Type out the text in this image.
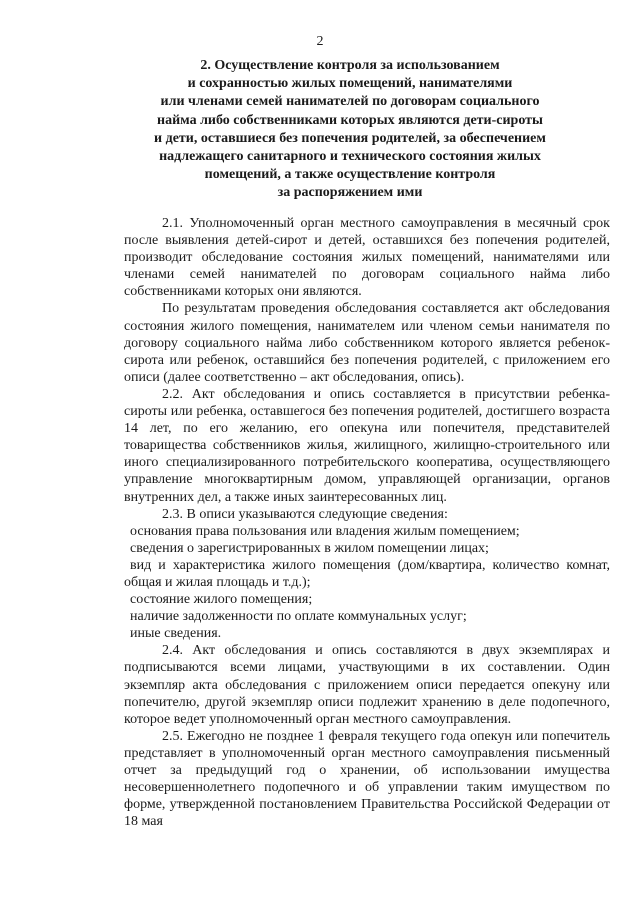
2
2. Осуществление контроля за использованием
и сохранностью жилых помещений, нанимателями
или членами семей нанимателей по договорам социального
найма либо собственниками которых являются дети-сироты
и дети, оставшиеся без попечения родителей, за обеспечением
надлежащего санитарного и технического состояния жилых
помещений, а также осуществление контроля
за распоряжением ими

2.1. Уполномоченный орган местного самоуправления в месячный срок после выявления детей-сирот и детей, оставшихся без попечения родителей, производит обследование состояния жилых помещений, нанимателями или членами семей нанимателей по договорам социального найма либо собственниками которых они являются.

По результатам проведения обследования составляется акт обследования состояния жилого помещения, нанимателем или членом семьи нанимателя по договору социального найма либо собственником которого является ребенок-сирота или ребенок, оставшийся без попечения родителей, с приложением его описи (далее соответственно – акт обследования, опись).

2.2. Акт обследования и опись составляется в присутствии ребенка-сироты или ребенка, оставшегося без попечения родителей, достигшего возраста 14 лет, по его желанию, его опекуна или попечителя, представителей товарищества собственников жилья, жилищного, жилищно-строительного или иного специализированного потребительского кооператива, осуществляющего управление многоквартирным домом, управляющей организации, органов внутренних дел, а также иных заинтересованных лиц.

2.3. В описи указываются следующие сведения:

основания права пользования или владения жилым помещением;

сведения о зарегистрированных в жилом помещении лицах;

вид и характеристика жилого помещения (дом/квартира, количество комнат, общая и жилая площадь и т.д.);

состояние жилого помещения;

наличие задолженности по оплате коммунальных услуг;

иные сведения.

2.4. Акт обследования и опись составляются в двух экземплярах и подписываются всеми лицами, участвующими в их составлении. Один экземпляр акта обследования с приложением описи передается опекуну или попечителю, другой экземпляр описи подлежит хранению в деле подопечного, которое ведет уполномоченный орган местного самоуправления.

2.5. Ежегодно не позднее 1 февраля текущего года опекун или попечитель представляет в уполномоченный орган местного самоуправления письменный отчет за предыдущий год о хранении, об использовании имущества несовершеннолетнего подопечного и об управлении таким имуществом по форме, утвержденной постановлением Правительства Российской Федерации от 18 мая
